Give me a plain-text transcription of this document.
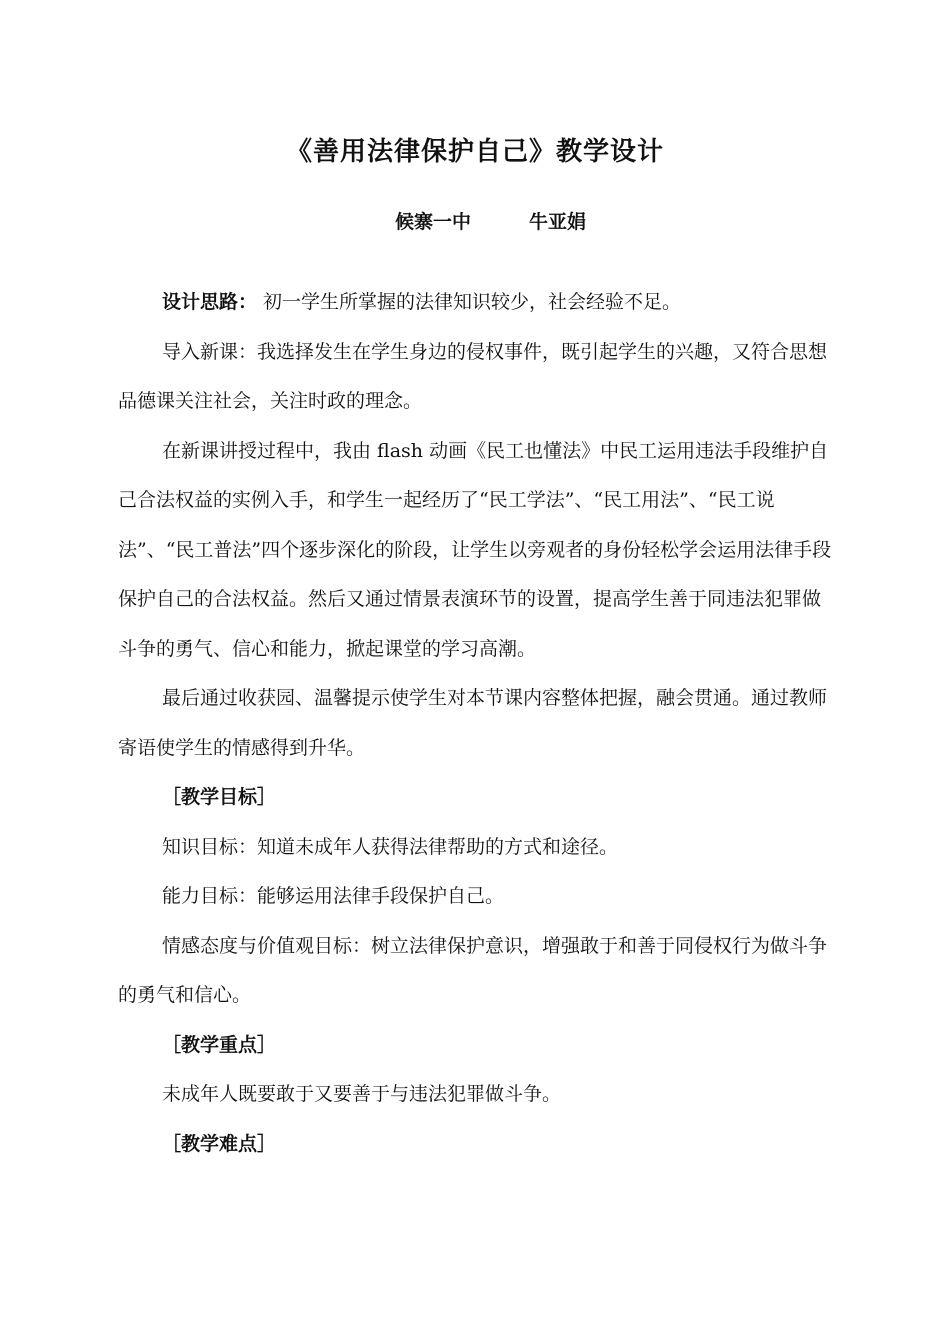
《善用法律保护自己》教学设计
候寨一中	牛亚娟

设计思路： 初一学生所掌握的法律知识较少，社会经验不足。

导入新课：我选择发生在学生身边的侵权事件，既引起学生的兴趣，又符合思想品德课关注社会，关注时政的理念。

在新课讲授过程中，我由 flash 动画《民工也懂法》中民工运用违法手段维护自己合法权益的实例入手，和学生一起经历了“民工学法”、“民工用法”、“民工说法”、“民工普法”四个逐步深化的阶段，让学生以旁观者的身份轻松学会运用法律手段保护自己的合法权益。然后又通过情景表演环节的设置，提高学生善于同违法犯罪做斗争的勇气、信心和能力，掀起课堂的学习高潮。

最后通过收获园、温馨提示使学生对本节课内容整体把握，融会贯通。通过教师寄语使学生的情感得到升华。

［教学目标］

知识目标：知道未成年人获得法律帮助的方式和途径。

能力目标：能够运用法律手段保护自己。

情感态度与价值观目标：树立法律保护意识，增强敢于和善于同侵权行为做斗争的勇气和信心。

［教学重点］

未成年人既要敢于又要善于与违法犯罪做斗争。

［教学难点］
